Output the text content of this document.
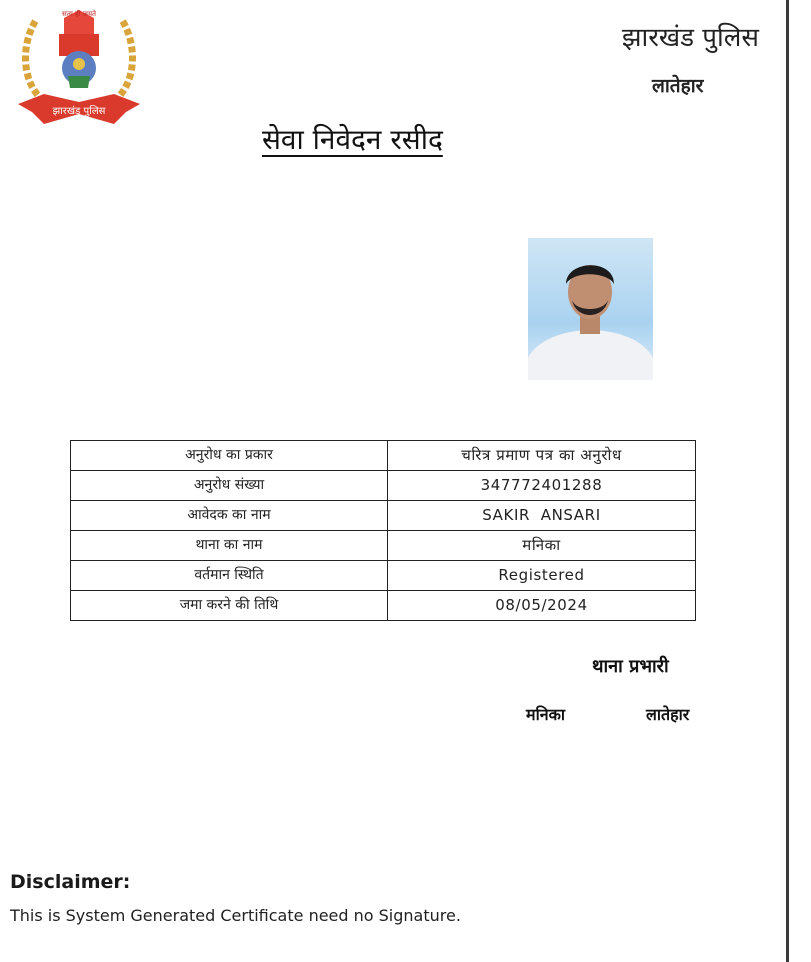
सत्य ही जयते
झारखंड पुलिस
झारखंड पुलिस
लातेहार
सेवा निवेदन रसीद
अनुरोध का प्रकार	चरित्र प्रमाण पत्र का अनुरोध
अनुरोध संख्या	347772401288
आवेदक का नाम	SAKIR  ANSARI
थाना का नाम	मनिका
वर्तमान स्थिति	Registered
जमा करने की तिथि	08/05/2024
थाना प्रभारी
मनिका	लातेहार
Disclaimer:
This is System Generated Certificate need no Signature.
